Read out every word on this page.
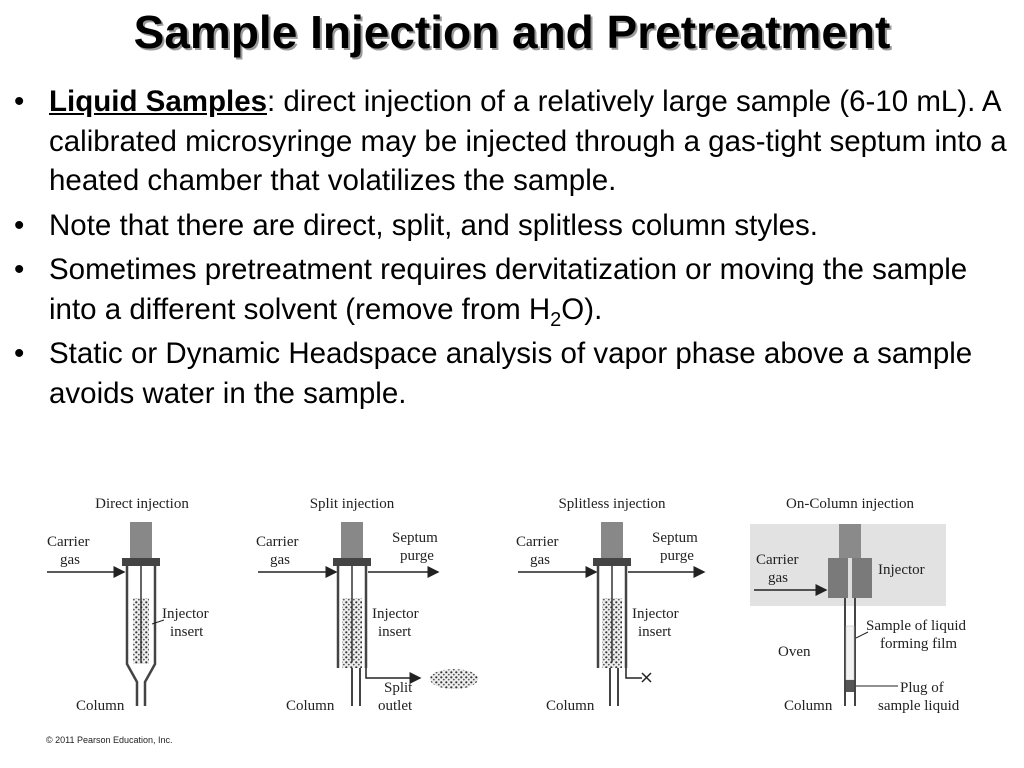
Sample Injection and Pretreatment
• Liquid Samples: direct injection of a relatively large sample (6-10 mL). A calibrated microsyringe may be injected through a gas-tight septum into a heated chamber that volatilizes the sample.
• Note that there are direct, split, and splitless column styles.
• Sometimes pretreatment requires dervitatization or moving the sample into a different solvent (remove from $H_2O$).
• Static or Dynamic Headspace analysis of vapor phase above a sample avoids water in the sample.
Direct injection
Carrier
gas
Injector
insert
Column
Split injection
Carrier
gas
Septum
purge
Injector
insert
Split
outlet
Column
Splitless injection
Carrier
gas
Septum
purge
Injector
insert
Column
On-Column injection
Carrier
gas	Injector
Oven
Sample of liquid
forming film
Plug of
sample liquid
Column
© 2011 Pearson Education, Inc.
